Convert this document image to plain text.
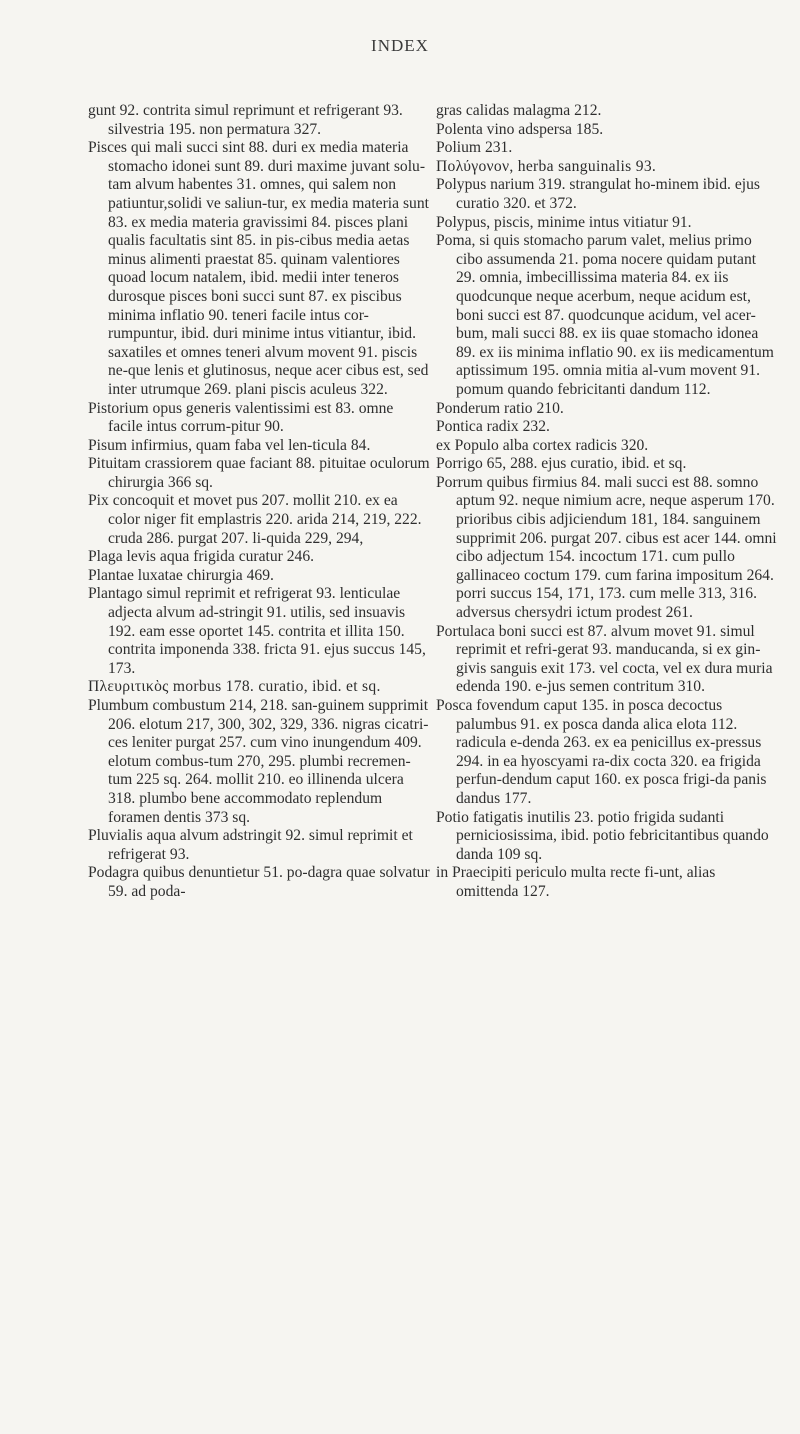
INDEX

gunt 92. contrita simul reprimunt et refrigerant 93. silvestria 195. non permatura 327.

Pisces qui mali succi sint 88. duri ex media materia stomacho idonei sunt 89. duri maxime juvant solu-tam alvum habentes 31. omnes, qui salem non patiuntur,solidi ve saliun-tur, ex media materia sunt 83. ex media materia gravissimi 84. pisces plani qualis facultatis sint 85. in pis-cibus media aetas minus alimenti praestat 85. quinam valentiores quoad locum natalem, ibid. medii inter teneros durosque pisces boni succi sunt 87. ex piscibus minima inflatio 90. teneri facile intus cor-rumpuntur, ibid. duri minime intus vitiantur, ibid. saxatiles et omnes teneri alvum movent 91. piscis ne-que lenis et glutinosus, neque acer cibus est, sed inter utrumque 269. plani piscis aculeus 322.

Pistorium opus generis valentissimi est 83. omne facile intus corrum-pitur 90.

Pisum infirmius, quam faba vel len-ticula 84.

Pituitam crassiorem quae faciant 88. pituitae oculorum chirurgia 366 sq.

Pix concoquit et movet pus 207. mollit 210. ex ea color niger fit emplastris 220. arida 214, 219, 222. cruda 286. purgat 207. li-quida 229, 294,

Plaga levis aqua frigida curatur 246.

Plantae luxatae chirurgia 469.

Plantago simul reprimit et refrigerat 93. lenticulae adjecta alvum ad-stringit 91. utilis, sed insuavis 192. eam esse oportet 145. contrita et illita 150. contrita imponenda 338. fricta 91. ejus succus 145, 173.

Πλευριτικὸς morbus 178. curatio, ibid. et sq.

Plumbum combustum 214, 218. san-guinem supprimit 206. elotum 217, 300, 302, 329, 336. nigras cicatri-ces leniter purgat 257. cum vino inungendum 409. elotum combus-tum 270, 295. plumbi recremen-tum 225 sq. 264. mollit 210. eo illinenda ulcera 318. plumbo bene accommodato replendum foramen dentis 373 sq.

Pluvialis aqua alvum adstringit 92. simul reprimit et refrigerat 93.

Podagra quibus denuntietur 51. po-dagra quae solvatur 59. ad poda-

gras calidas malagma 212.

Polenta vino adspersa 185.

Polium 231.

Πολύγονον, herba sanguinalis 93.

Polypus narium 319. strangulat ho-minem ibid. ejus curatio 320. et 372.

Polypus, piscis, minime intus vitiatur 91.

Poma, si quis stomacho parum valet, melius primo cibo assumenda 21. poma nocere quidam putant 29. omnia, imbecillissima materia 84. ex iis quodcunque neque acerbum, neque acidum est, boni succi est 87. quodcunque acidum, vel acer-bum, mali succi 88. ex iis quae stomacho idonea 89. ex iis minima inflatio 90. ex iis medicamentum aptissimum 195. omnia mitia al-vum movent 91. pomum quando febricitanti dandum 112.

Ponderum ratio 210.

Pontica radix 232.

ex Populo alba cortex radicis 320.

Porrigo 65, 288. ejus curatio, ibid. et sq.

Porrum quibus firmius 84. mali succi est 88. somno aptum 92. neque nimium acre, neque asperum 170. prioribus cibis adjiciendum 181, 184. sanguinem supprimit 206. purgat 207. cibus est acer 144. omni cibo adjectum 154. incoctum 171. cum pullo gallinaceo coctum 179. cum farina impositum 264. porri succus 154, 171, 173. cum melle 313, 316. adversus chersydri ictum prodest 261.

Portulaca boni succi est 87. alvum movet 91. simul reprimit et refri-gerat 93. manducanda, si ex gin-givis sanguis exit 173. vel cocta, vel ex dura muria edenda 190. e-jus semen contritum 310.

Posca fovendum caput 135. in posca decoctus palumbus 91. ex posca danda alica elota 112. radicula e-denda 263. ex ea penicillus ex-pressus 294. in ea hyoscyami ra-dix cocta 320. ea frigida perfun-dendum caput 160. ex posca frigi-da panis dandus 177.

Potio fatigatis inutilis 23. potio frigida sudanti perniciosissima, ibid. potio febricitantibus quando danda 109 sq.

in Praecipiti periculo multa recte fi-unt, alias omittenda 127.
